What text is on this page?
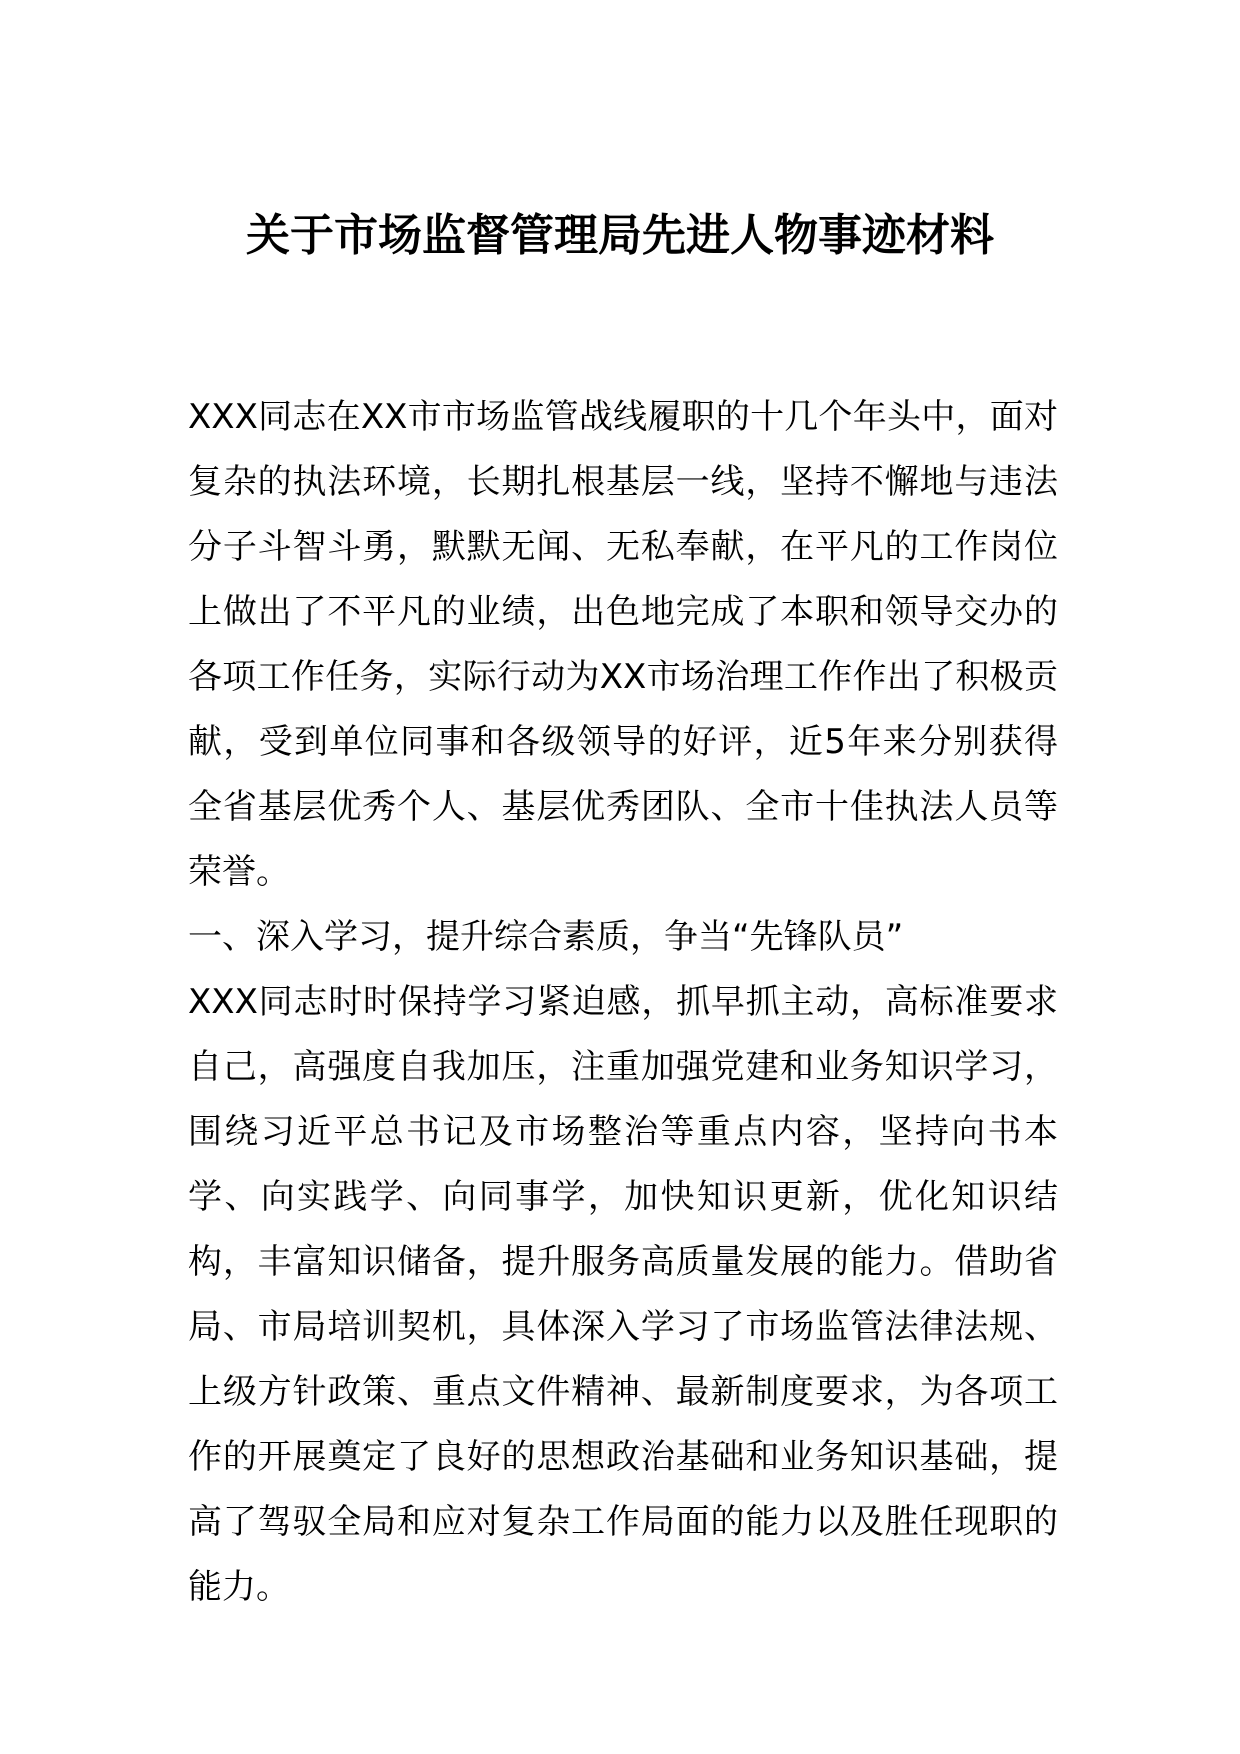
关于市场监督管理局先进人物事迹材料

XXX同志在XX市市场监管战线履职的十几个年头中，面对复杂的执法环境，长期扎根基层一线，坚持不懈地与违法分子斗智斗勇，默默无闻、无私奉献，在平凡的工作岗位上做出了不平凡的业绩，出色地完成了本职和领导交办的各项工作任务，实际行动为XX市场治理工作作出了积极贡献，受到单位同事和各级领导的好评，近5年来分别获得全省基层优秀个人、基层优秀团队、全市十佳执法人员等荣誉。

一、深入学习，提升综合素质，争当“先锋队员”

XXX同志时时保持学习紧迫感，抓早抓主动，高标准要求自己，高强度自我加压，注重加强党建和业务知识学习，围绕习近平总书记及市场整治等重点内容，坚持向书本学、向实践学、向同事学，加快知识更新，优化知识结构，丰富知识储备，提升服务高质量发展的能力。借助省局、市局培训契机，具体深入学习了市场监管法律法规、上级方针政策、重点文件精神、最新制度要求，为各项工作的开展奠定了良好的思想政治基础和业务知识基础，提高了驾驭全局和应对复杂工作局面的能力以及胜任现职的能力。
